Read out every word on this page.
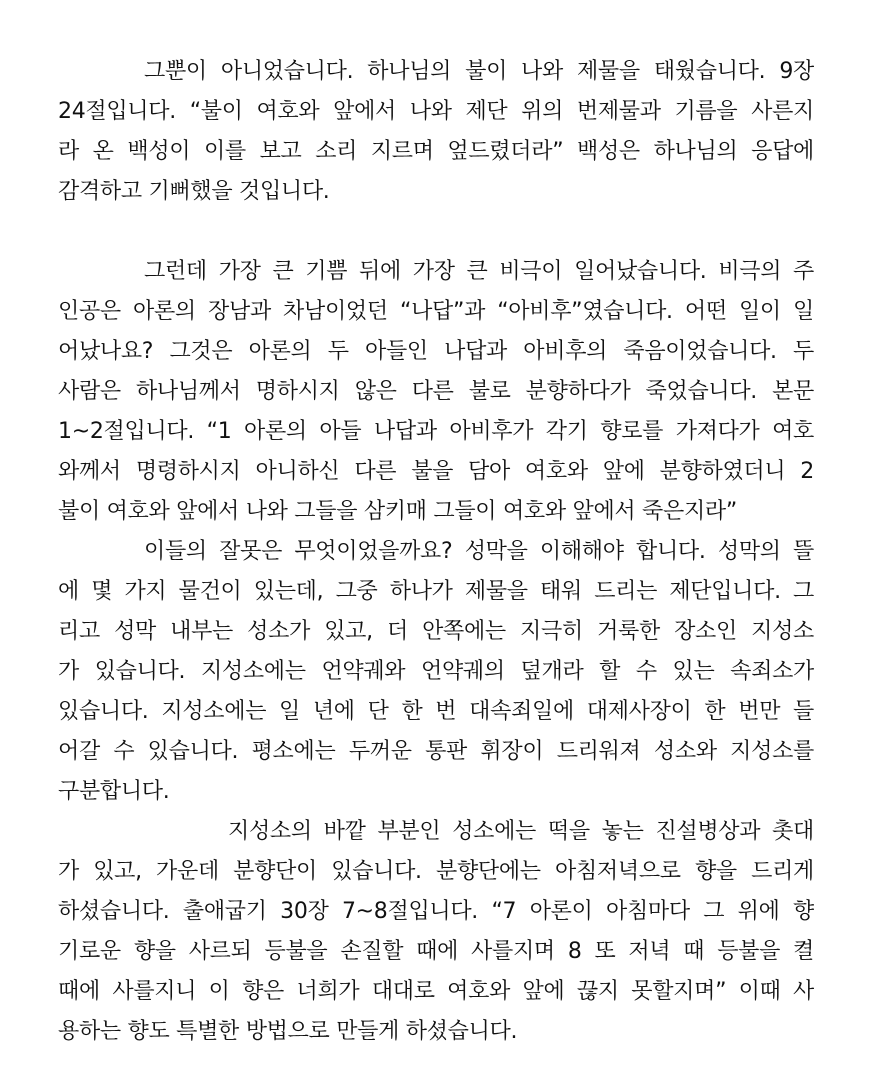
그뿐이 아니었습니다. 하나님의 불이 나와 제물을 태웠습니다. 9장
24절입니다. “불이 여호와 앞에서 나와 제단 위의 번제물과 기름을 사른지
라 온 백성이 이를 보고 소리 지르며 엎드렸더라” 백성은 하나님의 응답에
감격하고 기뻐했을 것입니다.
그런데 가장 큰 기쁨 뒤에 가장 큰 비극이 일어났습니다. 비극의 주
인공은 아론의 장남과 차남이었던 “나답”과 “아비후”였습니다. 어떤 일이 일
어났나요? 그것은 아론의 두 아들인 나답과 아비후의 죽음이었습니다. 두
사람은 하나님께서 명하시지 않은 다른 불로 분향하다가 죽었습니다. 본문
1~2절입니다. “1 아론의 아들 나답과 아비후가 각기 향로를 가져다가 여호
와께서 명령하시지 아니하신 다른 불을 담아 여호와 앞에 분향하였더니 2
불이 여호와 앞에서 나와 그들을 삼키매 그들이 여호와 앞에서 죽은지라”
이들의 잘못은 무엇이었을까요? 성막을 이해해야 합니다. 성막의 뜰
에 몇 가지 물건이 있는데, 그중 하나가 제물을 태워 드리는 제단입니다. 그
리고 성막 내부는 성소가 있고, 더 안쪽에는 지극히 거룩한 장소인 지성소
가 있습니다. 지성소에는 언약궤와 언약궤의 덮개라 할 수 있는 속죄소가
있습니다. 지성소에는 일 년에 단 한 번 대속죄일에 대제사장이 한 번만 들
어갈 수 있습니다. 평소에는 두꺼운 통판 휘장이 드리워져 성소와 지성소를
구분합니다.
지성소의 바깥 부분인 성소에는 떡을 놓는 진설병상과 촛대
가 있고, 가운데 분향단이 있습니다. 분향단에는 아침저녁으로 향을 드리게
하셨습니다. 출애굽기 30장 7~8절입니다. “7 아론이 아침마다 그 위에 향
기로운 향을 사르되 등불을 손질할 때에 사를지며 8 또 저녁 때 등불을 켤
때에 사를지니 이 향은 너희가 대대로 여호와 앞에 끊지 못할지며” 이때 사
용하는 향도 특별한 방법으로 만들게 하셨습니다.
